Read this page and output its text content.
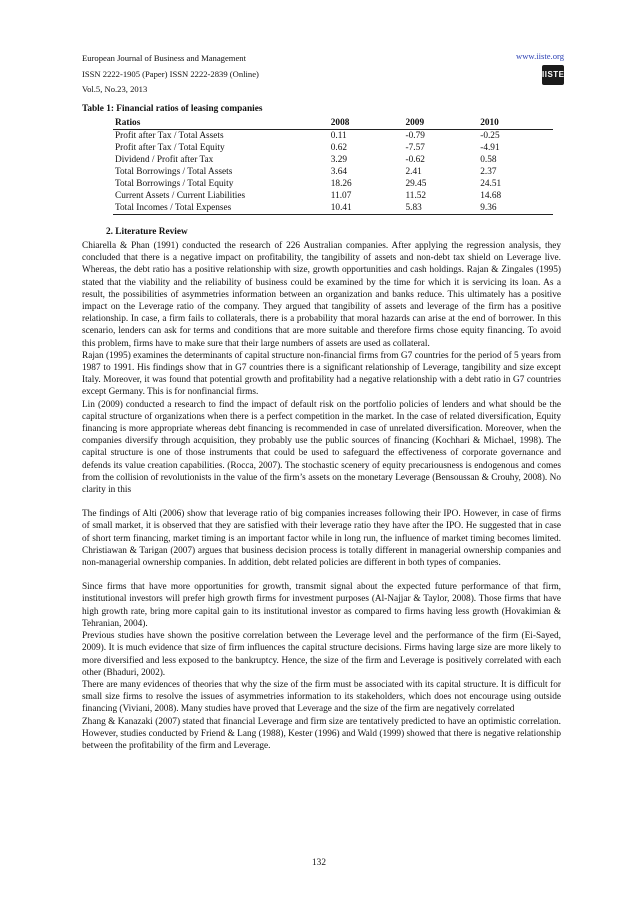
European Journal of Business and Management
ISSN 2222-1905 (Paper) ISSN 2222-2839 (Online)
Vol.5, No.23, 2013
www.iiste.org
IISTE
Table 1: Financial ratios of leasing companies
Ratios	2008	2009	2010
Profit after Tax / Total Assets	0.11	-0.79	-0.25
Profit after Tax / Total Equity	0.62	-7.57	-4.91
Dividend / Profit after Tax	3.29	-0.62	0.58
Total Borrowings / Total Assets	3.64	2.41	2.37
Total Borrowings / Total Equity	18.26	29.45	24.51
Current Assets / Current Liabilities	11.07	11.52	14.68
Total Incomes / Total Expenses	10.41	5.83	9.36
2. Literature Review

Chiarella & Phan (1991) conducted the research of 226 Australian companies. After applying the regression analysis, they concluded that there is a negative impact on profitability, the tangibility of assets and non-debt tax shield on Leverage live. Whereas, the debt ratio has a positive relationship with size, growth opportunities and cash holdings. Rajan & Zingales (1995) stated that the viability and the reliability of business could be examined by the time for which it is servicing its loan. As a result, the possibilities of asymmetries information between an organization and banks reduce. This ultimately has a positive impact on the Leverage ratio of the company. They argued that tangibility of assets and leverage of the firm has a positive relationship. In case, a firm fails to collaterals, there is a probability that moral hazards can arise at the end of borrower. In this scenario, lenders can ask for terms and conditions that are more suitable and therefore firms chose equity financing. To avoid this problem, firms have to make sure that their large numbers of assets are used as collateral.

Rajan (1995) examines the determinants of capital structure non-financial firms from G7 countries for the period of 5 years from 1987 to 1991. His findings show that in G7 countries there is a significant relationship of Leverage, tangibility and size except Italy. Moreover, it was found that potential growth and profitability had a negative relationship with a debt ratio in G7 countries except Germany. This is for nonfinancial firms.

Lin (2009) conducted a research to find the impact of default risk on the portfolio policies of lenders and what should be the capital structure of organizations when there is a perfect competition in the market. In the case of related diversification, Equity financing is more appropriate whereas debt financing is recommended in case of unrelated diversification. Moreover, when the companies diversify through acquisition, they probably use the public sources of financing (Kochhari & Michael, 1998). The capital structure is one of those instruments that could be used to safeguard the effectiveness of corporate governance and defends its value creation capabilities. (Rocca, 2007). The stochastic scenery of equity precariousness is endogenous and comes from the collision of revolutionists in the value of the firm’s assets on the monetary Leverage (Bensoussan & Crouhy, 2008). No clarity in this

The findings of Alti (2006) show that leverage ratio of big companies increases following their IPO. However, in case of firms of small market, it is observed that they are satisfied with their leverage ratio they have after the IPO. He suggested that in case of short term financing, market timing is an important factor while in long run, the influence of market timing becomes limited. Christiawan & Tarigan (2007) argues that business decision process is totally different in managerial ownership companies and non-managerial ownership companies. In addition, debt related policies are different in both types of companies.

Since firms that have more opportunities for growth, transmit signal about the expected future performance of that firm, institutional investors will prefer high growth firms for investment purposes (Al-Najjar & Taylor, 2008). Those firms that have high growth rate, bring more capital gain to its institutional investor as compared to firms having less growth (Hovakimian & Tehranian, 2004).

Previous studies have shown the positive correlation between the Leverage level and the performance of the firm (Ei-Sayed, 2009). It is much evidence that size of firm influences the capital structure decisions. Firms having large size are more likely to more diversified and less exposed to the bankruptcy. Hence, the size of the firm and Leverage is positively correlated with each other (Bhaduri, 2002).

There are many evidences of theories that why the size of the firm must be associated with its capital structure. It is difficult for small size firms to resolve the issues of asymmetries information to its stakeholders, which does not encourage using outside financing (Viviani, 2008). Many studies have proved that Leverage and the size of the firm are negatively correlated

Zhang & Kanazaki (2007) stated that financial Leverage and firm size are tentatively predicted to have an optimistic correlation. However, studies conducted by Friend & Lang (1988), Kester (1996) and Wald (1999) showed that there is negative relationship between the profitability of the firm and Leverage.

132
